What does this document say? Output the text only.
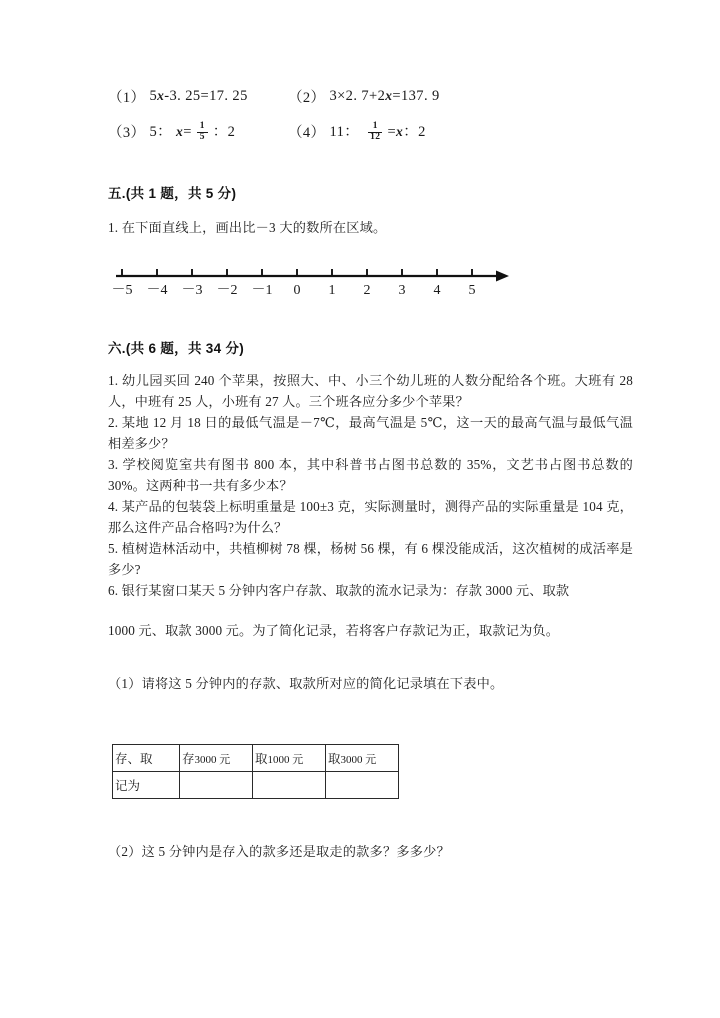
（1） 5x-3. 25=17. 25	（2） 3×2. 7+2x=137. 9
（3） 5： $x= \frac{1}{5}$ ：2	（4） 11： $\frac{1}{12} =x$：2
五.(共 1 题，共 5 分)
1. 在下面直线上，画出比－3 大的数所在区域。
－5 －4 －3 －2 －1 0 1 2 3 4 5
六.(共 6 题，共 34 分)

1. 幼儿园买回 240 个苹果，按照大、中、小三个幼儿班的人数分配给各个班。大班有 28 人，中班有 25 人，小班有 27 人。三个班各应分多少个苹果？

2. 某地 12 月 18 日的最低气温是－7℃，最高气温是 5℃，这一天的最高气温与最低气温相差多少？

3. 学校阅览室共有图书 800 本，其中科普书占图书总数的 35%，文艺书占图书总数的 30%。这两种书一共有多少本？

4. 某产品的包装袋上标明重量是 100±3 克，实际测量时，测得产品的实际重量是 104 克，那么这件产品合格吗?为什么？

5. 植树造林活动中，共植柳树 78 棵，杨树 56 棵，有 6 棵没能成活，这次植树的成活率是多少?

6. 银行某窗口某天 5 分钟内客户存款、取款的流水记录为：存款 3000 元、取款

1000 元、取款 3000 元。为了简化记录，若将客户存款记为正，取款记为负。

（1）请将这 5 分钟内的存款、取款所对应的简化记录填在下表中。
存、取	存3000 元	取1000 元	取3000 元
记为			
（2）这 5 分钟内是存入的款多还是取走的款多？多多少？
